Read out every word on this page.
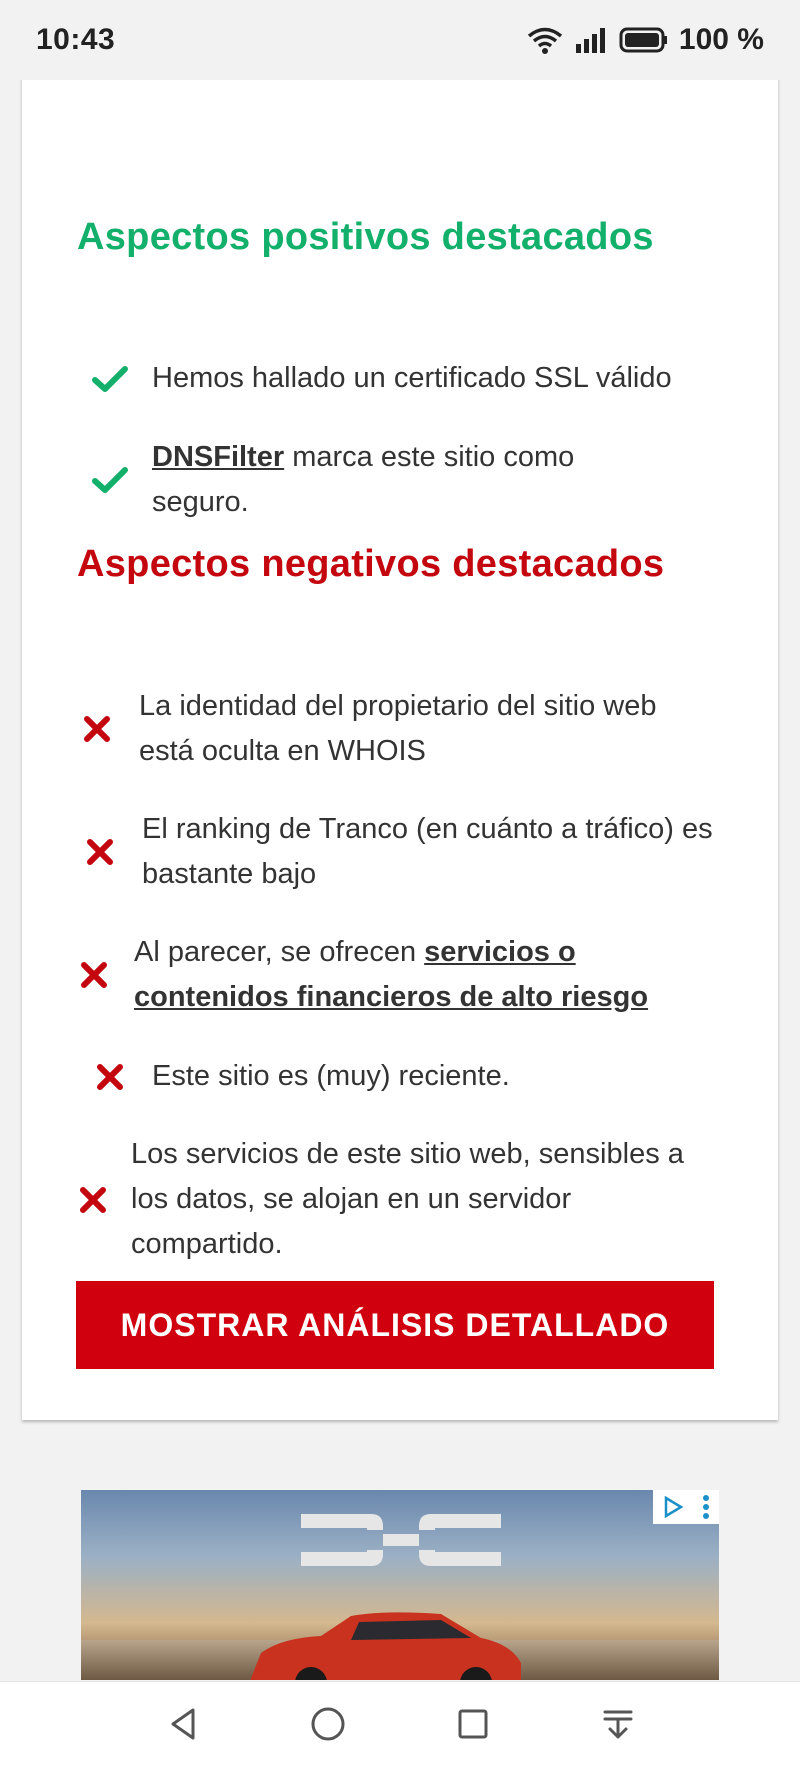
10:43	100 %
Aspectos positivos destacados
Hemos hallado un certificado SSL válido
DNSFilter marca este sitio como seguro.
Aspectos negativos destacados
La identidad del propietario del sitio web está oculta en WHOIS
El ranking de Tranco (en cuánto a tráfico) es bastante bajo
Al parecer, se ofrecen servicios o contenidos financieros de alto riesgo
Este sitio es (muy) reciente.
Los servicios de este sitio web, sensibles a los datos, se alojan en un servidor compartido.
MOSTRAR ANÁLISIS DETALLADO
